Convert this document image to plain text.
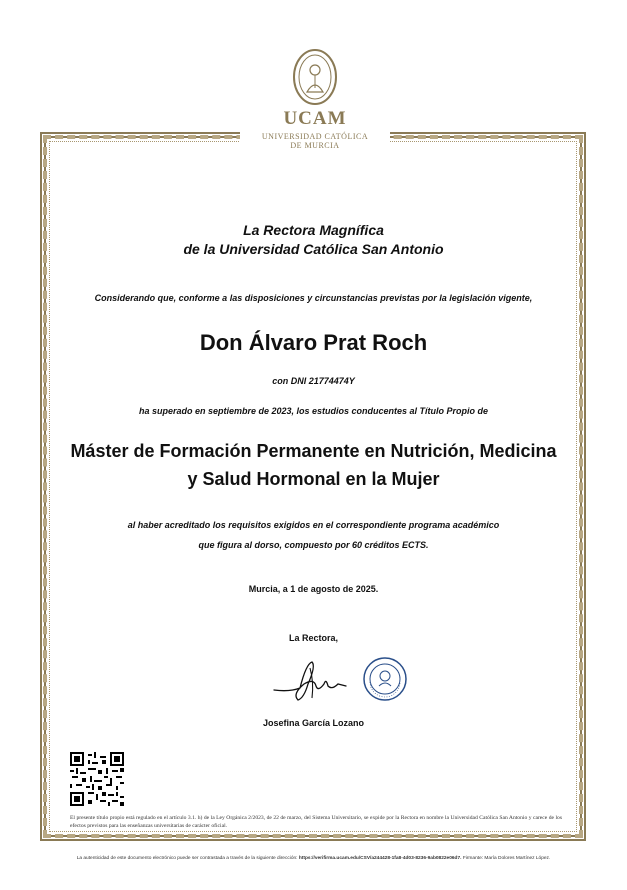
UCAM
UNIVERSIDAD CATÓLICA
DE MURCIA
La Rectora Magnífica
de la Universidad Católica San Antonio
Considerando que, conforme a las disposiciones y circunstancias previstas por la legislación vigente,
Don Álvaro Prat Roch
con DNI 21774474Y
ha superado en septiembre de 2023, los estudios conducentes al Título Propio de
Máster de Formación Permanente en Nutrición, Medicina
y Salud Hormonal en la Mujer
al haber acreditado los requisitos exigidos en el correspondiente programa académico
que figura al dorso, compuesto por 60 créditos ECTS.
Murcia, a 1 de agosto de 2025.
La Rectora,
Josefina García Lozano
El presente título propio está regulado en el artículo 3.1. h) de la Ley Orgánica 2/2023, de 22 de marzo, del Sistema Universitario, se expide por la Rectora en nombre la Universidad Católica San Antonio y carece de los efectos previstos para las enseñanzas universitarias de carácter oficial.
La autenticidad de este documento electrónico puede ser contrastada a través de la siguiente dirección: https://verifirma.ucam.edu/CSV/a244428-1fa8-4d03-8236-9ab0822e06d7. Firmante: María Dolores Martínez López.
